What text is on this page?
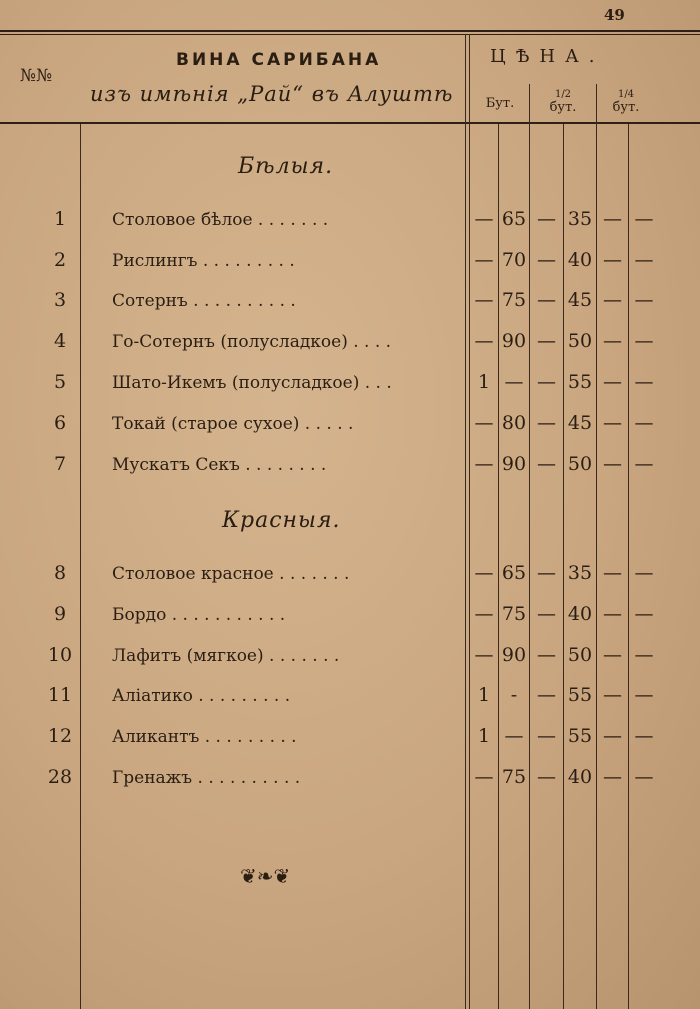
49
№№
ВИНА САРИБАНА
изъ имѣнія „Рай“ въ Алуштѣ
ЦѢНА.
Бут.
1/2
бут.
1/4
бут.
Бѣлыя.
Красныя.
1	Столовое бѣлое . . . . . . .	— 65 — 35 — —
2	Рислингъ . . . . . . . . .	— 70 — 40 — —
3	Сотернъ . . . . . . . . . .	— 75 — 45 — —
4	Го-Сотернъ (полусладкое) . . . .	— 90 — 50 — —
5	Шато-Икемъ (полусладкое) . . .	1 — — 55 — —
6	Токай (старое сухое) . . . . .	— 80 — 45 — —
7	Мускатъ Секъ . . . . . . . .	— 90 — 50 — —
8	Столовое красное . . . . . . .	— 65 — 35 — —
9	Бордо . . . . . . . . . . .	— 75 — 40 — —
10	Лафитъ (мягкое) . . . . . . .	— 90 — 50 — —
11	Аліатико . . . . . . . . .	1	-	— 55 — —
12	Аликантъ . . . . . . . . .	1 — — 55 — —
28	Гренажъ . . . . . . . . . .	— 75 — 40 — —
❦❧❦
